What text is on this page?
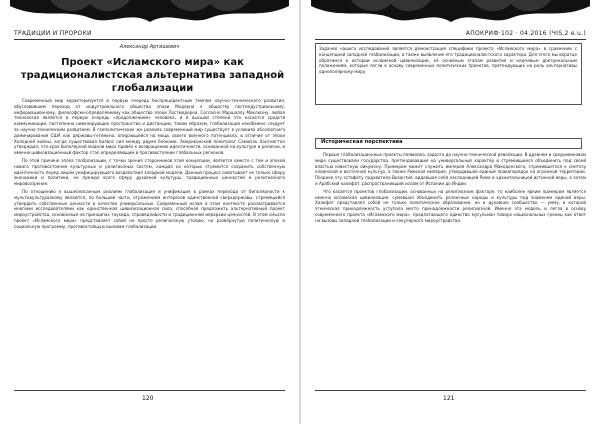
ТРАДИЦИИ И ПРОРОКИ
Александр Артишевич
Проект «Исламского мира» как традиционалистская альтернатива западной глобализации

Современный мир характеризуется в первую очередь беспрецедентным темпом научно-технического развития, обусловившим переход от индустриального общества эпохи Модерна к обществу постиндустриальному, информационному, философски-определяемому как общество эпохи Постмодерна. Согласно Маршаллу Маклюэну, любая технология является в первую очередь «продолжением» человека, и в высшей степени это касается средств коммуникации, постепенно нивелирующих пространство и дистанцию, таким образом, глобализация неизбежно следует за научно-техническим развитием. В геополитических же реалиях современный мир существует в условиях абсолютного доминирования США как державы-гегемона, опирающейся на мощь своего военного потенциала, в отличие от эпохи Холодной войны, когда существовал баланс сил между двумя блоками. Американский политолог Самюэль Хантингтон утверждал, что крах биполярной модели мира привёл к возвращению идентичности, основанной на культуре и религии, и именно цивилизационный фактор стал определяющим в противостоянии глобальных регионов.

По этой причине эпоха глобализации, с точки зрения сторонников этой концепции, является вместе с тем и эпохой нового противостояния культурных и религиозных систем, каждая из которых стремится сохранить собственную идентичность перед лицом унифицирующего воздействия западной модели. Данный процесс охватывает не только сферу экономики и политики, но прежде всего сферу духовной культуры, традиционных ценностей и религиозного мировоззрения.

По отношению к вышеописанным реалиям глобализация и унификация в рамках перехода от биполярности к мультикультурализму являются, по большей части, отражением интересов единственной сверхдержавы, стремящейся утвердить собственные ценности в качестве универсальных. Современный ислам в этом контексте рассматривается многими исследователями как единственная цивилизационная сила, способная предложить альтернативный проект мироустройства, основанный на принципах таухида, справедливости и традиционной иерархии ценностей. В этом смысле проект «Исламского мира» представляет собой не просто религиозную утопию, но развёрнутую политическую и социальную программу, противостоящую вызовам глобализации.

120
АПОКРИФ·102 · 04.2016 (ЧIS.2 e.u.)
Задачей нашего исследования является демонстрация специфики проекта «Исламского мира» в сравнении с концепцией западной глобализации, а также выявление его традиционалистского характера. Для этого мы вкратце обратимся к истории исламской цивилизации, её основным этапам развития и ключевым доктринальным положениям, которые легли в основу современных политических проектов, претендующих на роль альтернативы однополярному миру.
Историческая перспектива

Первые глобализационные проекты появились задолго до научно-технической революции. В древнем и средневековом мире существовали государства, претендовавшие на универсальный характер и стремившиеся объединить под своей властью известную ойкумену. Примером может служить империя Александра Македонского, стремившегося к синтезу эллинской и восточной культур, а также Римская империя, утвердившая единый правопорядок на огромной территории. Позднее эту эстафету подхватила Византия, видевшая себя наследницей Рима и хранительницей истинной веры, а затем и Арабский халифат, распространивший ислам от Испании до Индии.

Что касается проектов глобализации, основанных на религиозном факторе, то наиболее ярким примером является именно исламская цивилизация, сумевшая объединить различные народы и культуры под знаменем единой веры. Халифат представлял собой не только политическое образование, но и духовное сообщество — умму, в которой этническая принадлежность уступала место принадлежности религиозной. Именно эта модель и легла в основу современного проекта «Исламского мира», предлагающего единство мусульман поверх национальных границ как ответ на вызовы западной глобализации и секулярного мироустройства.

121
